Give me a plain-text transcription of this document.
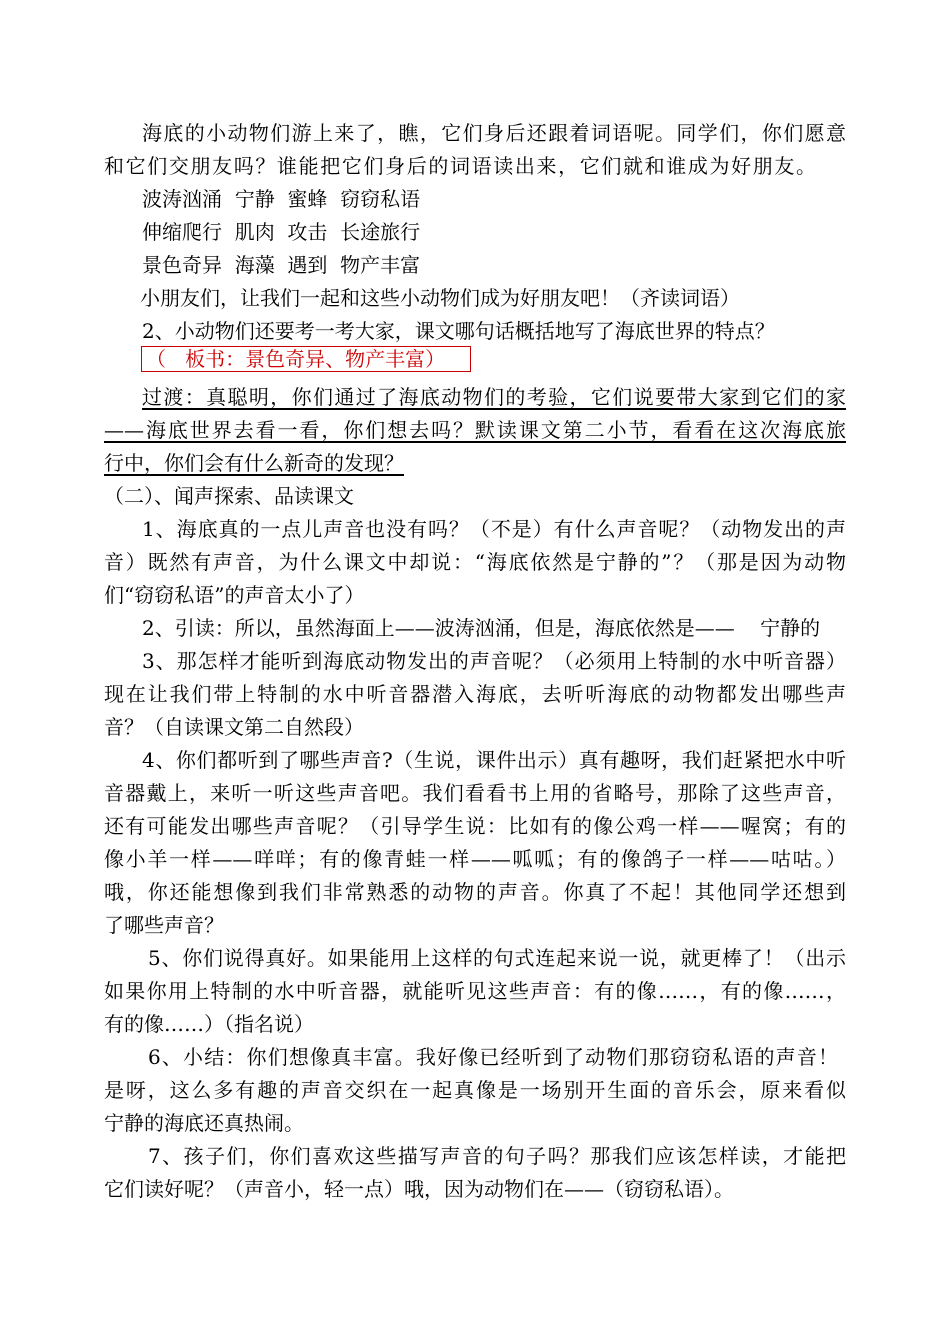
海底的小动物们游上来了，瞧，它们身后还跟着词语呢。同学们，你们愿意
和它们交朋友吗？谁能把它们身后的词语读出来，它们就和谁成为好朋友。
波涛汹涌  宁静  蜜蜂  窃窃私语
伸缩爬行  肌肉  攻击  长途旅行
景色奇异  海藻  遇到  物产丰富
小朋友们，让我们一起和这些小动物们成为好朋友吧！（齐读词语）
2、小动物们还要考一考大家，课文哪句话概括地写了海底世界的特点？
（   板书：景色奇异、物产丰富）
过渡：真聪明，你们通过了海底动物们的考验，它们说要带大家到它们的家
——海底世界去看一看，你们想去吗？默读课文第二小节，看看在这次海底旅
行中，你们会有什么新奇的发现？
（二）、闻声探索、品读课文
1、海底真的一点儿声音也没有吗？（不是）有什么声音呢？（动物发出的声
音）既然有声音，为什么课文中却说：“海底依然是宁静的”？（那是因为动物
们“窃窃私语”的声音太小了）
2、引读：所以，虽然海面上——波涛汹涌，但是，海底依然是——    宁静的
3、那怎样才能听到海底动物发出的声音呢？（必须用上特制的水中听音器）
现在让我们带上特制的水中听音器潜入海底，去听听海底的动物都发出哪些声
音？（自读课文第二自然段）
4、你们都听到了哪些声音?（生说，课件出示）真有趣呀，我们赶紧把水中听
音器戴上，来听一听这些声音吧。我们看看书上用的省略号，那除了这些声音，
还有可能发出哪些声音呢？（引导学生说：比如有的像公鸡一样——喔窝；有的
像小羊一样——咩咩；有的像青蛙一样——呱呱；有的像鸽子一样——咕咕。）
哦，你还能想像到我们非常熟悉的动物的声音。你真了不起！其他同学还想到
了哪些声音？
5、你们说得真好。如果能用上这样的句式连起来说一说，就更棒了！（出示
如果你用上特制的水中听音器，就能听见这些声音：有的像……，有的像……，
有的像……）（指名说）
6、小结：你们想像真丰富。我好像已经听到了动物们那窃窃私语的声音！
是呀，这么多有趣的声音交织在一起真像是一场别开生面的音乐会，原来看似
宁静的海底还真热闹。
7、孩子们，你们喜欢这些描写声音的句子吗？那我们应该怎样读，才能把
它们读好呢？（声音小，轻一点）哦，因为动物们在——（窃窃私语）。
